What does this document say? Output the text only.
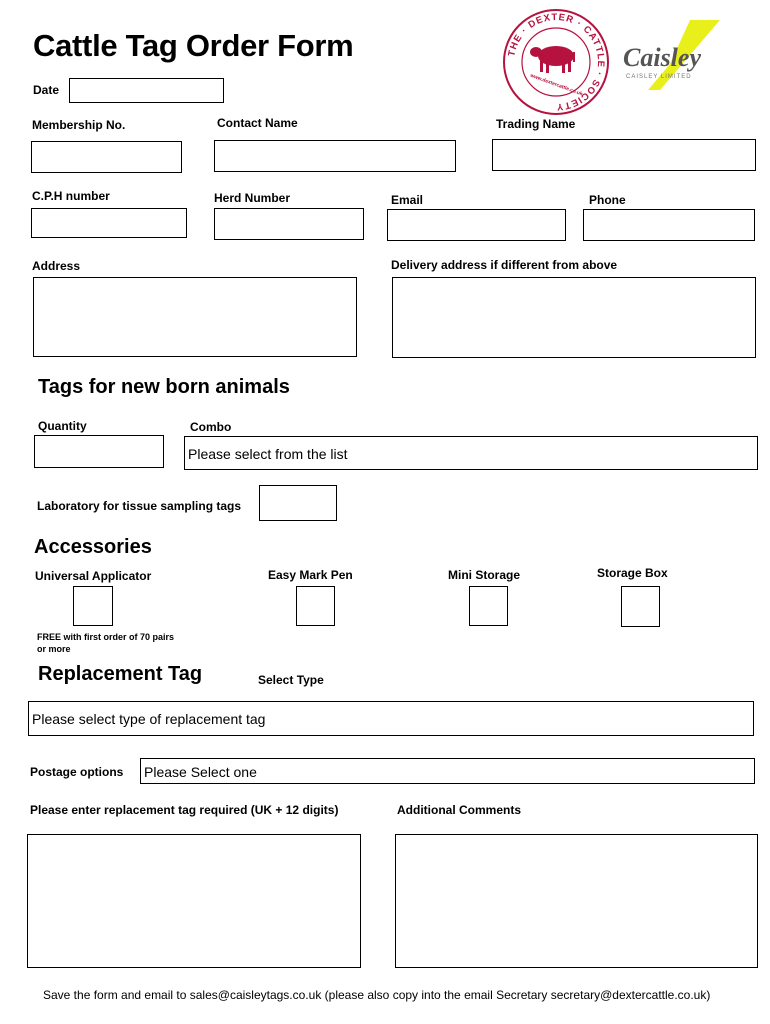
Cattle Tag Order Form	THE · DEXTER · CATTLE · SOCIETY
www.dextercattle.co.uk
Caisley
CAISLEY LIMITED
Date
Membership No.	Contact Name	Trading Name
C.P.H number	Herd Number	Email	Phone
Address	Delivery address if different from above
Tags for new born animals
Quantity	Combo
Please select from the list
Laboratory for tissue sampling tags
Accessories
Universal Applicator	Easy Mark Pen	Mini Storage	Storage Box
FREE with first order of 70 pairs or more
Replacement Tag	Select Type
Please select type of replacement tag
Postage options Please Select one
Please enter replacement tag required (UK + 12 digits)	Additional Comments
Save the form and email to sales@caisleytags.co.uk (please also copy into the email Secretary secretary@dextercattle.co.uk)
